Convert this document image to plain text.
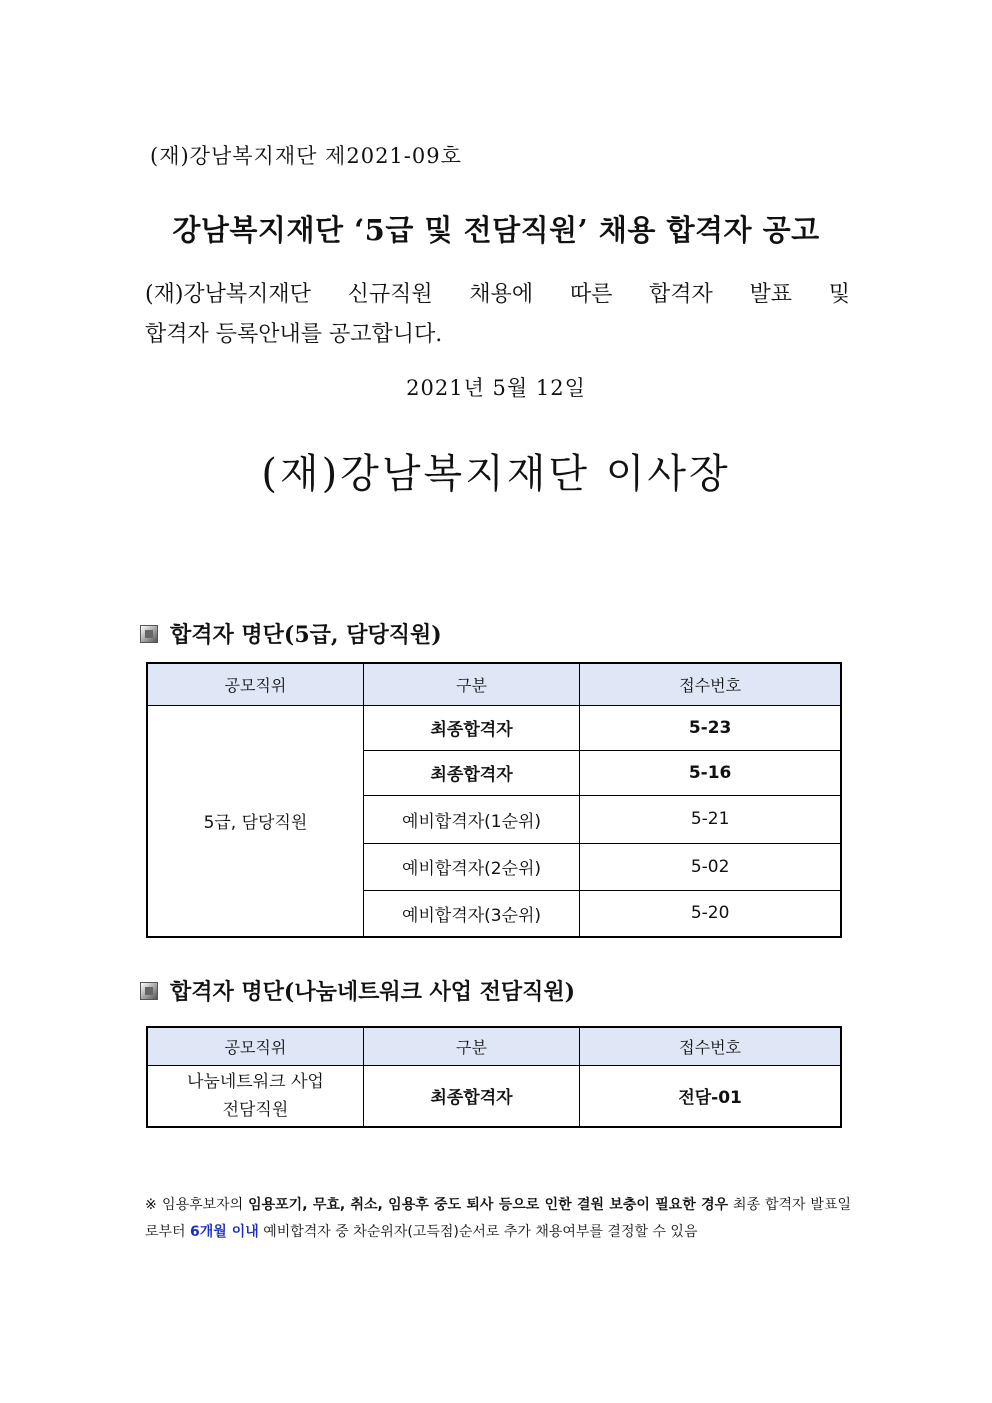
(재)강남복지재단 제2021-09호
강남복지재단 ‘5급 및 전담직원’ 채용 합격자 공고
(재)강남복지재단 신규직원 채용에 따른 합격자 발표 및
합격자 등록안내를 공고합니다.
2021년 5월 12일
(재)강남복지재단 이사장
합격자 명단(5급, 담당직원)
공모직위	구분	접수번호
5급, 담당직원	최종합격자	5-23
	최종합격자	5-16
	예비합격자(1순위)	5-21
	예비합격자(2순위)	5-02
	예비합격자(3순위)	5-20
합격자 명단(나눔네트워크 사업 전담직원)
공모직위	구분	접수번호

나눔네트워크 사업
전담직원	최종합격자	전담-01
※ 임용후보자의 임용포기, 무효, 취소, 임용후 중도 퇴사 등으로 인한 결원 보충이 필요한 경우 최종 합격자 발표일로부터 6개월 이내 예비합격자 중 차순위자(고득점)순서로 추가 채용여부를 결정할 수 있음
